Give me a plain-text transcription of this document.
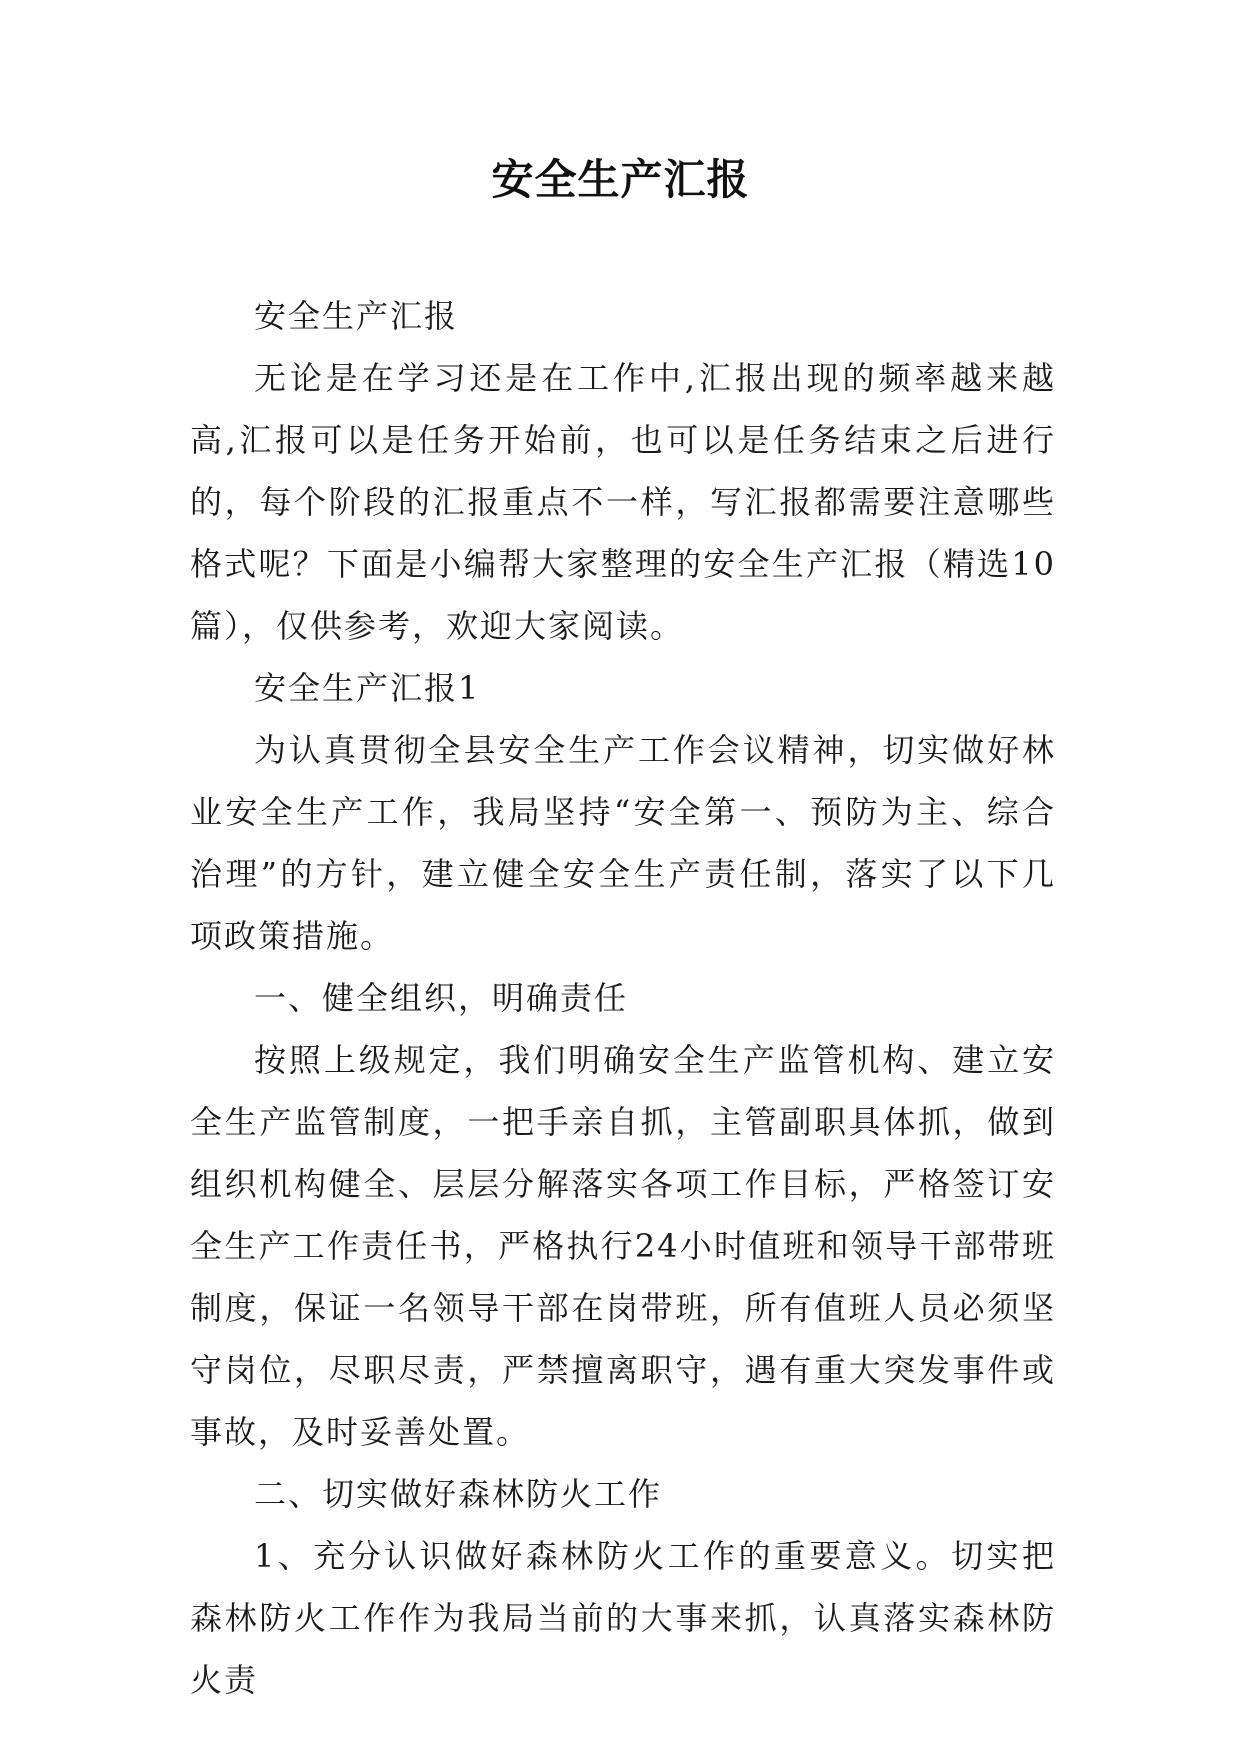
安全生产汇报

安全生产汇报

无论是在学习还是在工作中,汇报出现的频率越来越高,汇报可以是任务开始前，也可以是任务结束之后进行的，每个阶段的汇报重点不一样，写汇报都需要注意哪些格式呢？下面是小编帮大家整理的安全生产汇报（精选10篇），仅供参考，欢迎大家阅读。

安全生产汇报1

为认真贯彻全县安全生产工作会议精神，切实做好林业安全生产工作，我局坚持“安全第一、预防为主、综合治理”的方针，建立健全安全生产责任制，落实了以下几项政策措施。

一、健全组织，明确责任

按照上级规定，我们明确安全生产监管机构、建立安全生产监管制度，一把手亲自抓，主管副职具体抓，做到组织机构健全、层层分解落实各项工作目标，严格签订安全生产工作责任书，严格执行24小时值班和领导干部带班制度，保证一名领导干部在岗带班，所有值班人员必须坚守岗位，尽职尽责，严禁擅离职守，遇有重大突发事件或事故，及时妥善处置。

二、切实做好森林防火工作

1、充分认识做好森林防火工作的重要意义。切实把森林防火工作作为我局当前的大事来抓，认真落实森林防火责
